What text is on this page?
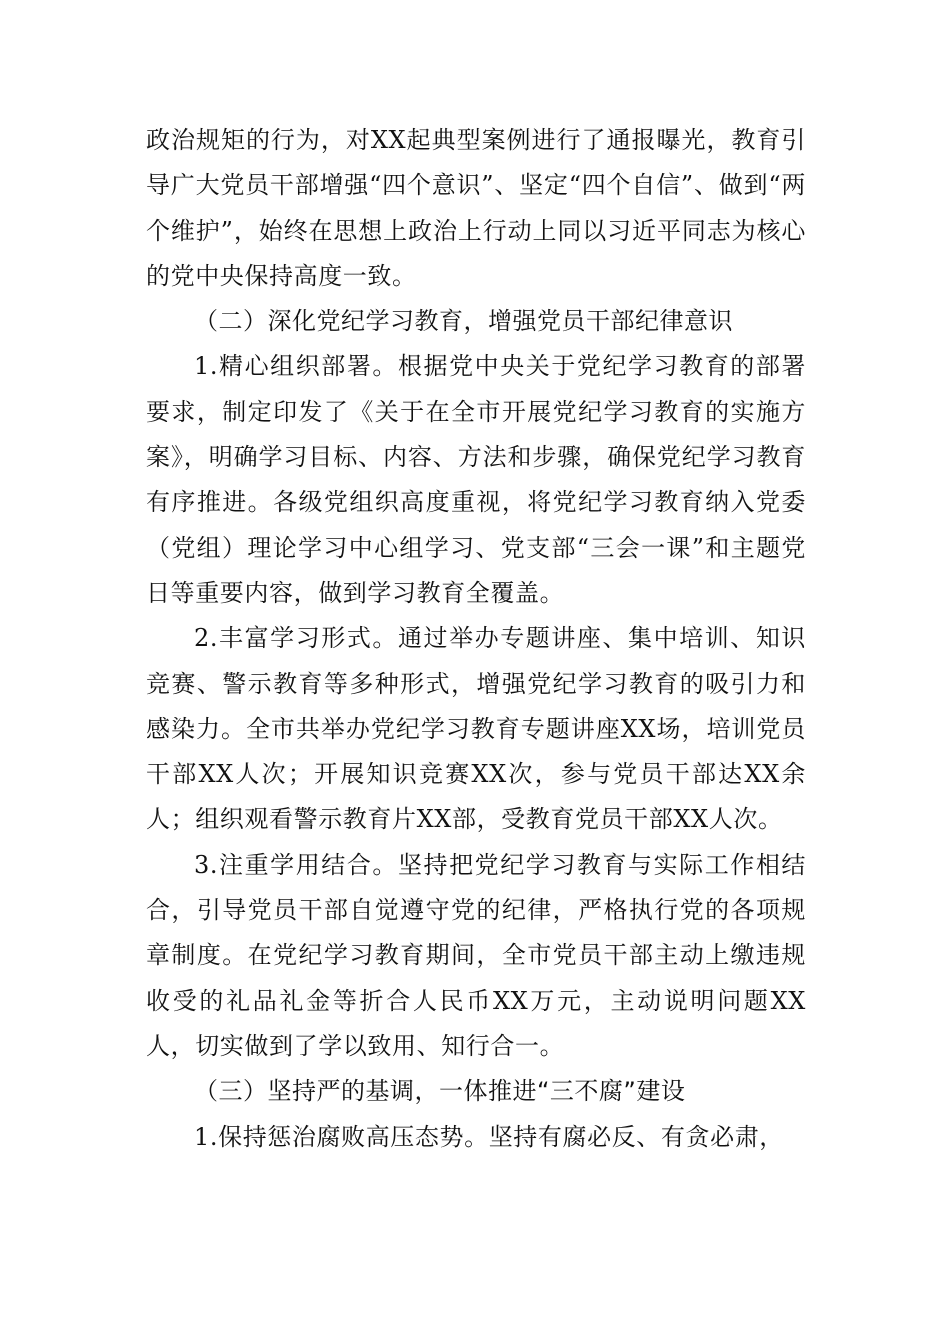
政治规矩的行为，对XX起典型案例进行了通报曝光，教育引导广大党员干部增强“四个意识”、坚定“四个自信”、做到“两个维护”，始终在思想上政治上行动上同以习近平同志为核心的党中央保持高度一致。

（二）深化党纪学习教育，增强党员干部纪律意识

1.精心组织部署。根据党中央关于党纪学习教育的部署要求，制定印发了《关于在全市开展党纪学习教育的实施方案》，明确学习目标、内容、方法和步骤，确保党纪学习教育有序推进。各级党组织高度重视，将党纪学习教育纳入党委（党组）理论学习中心组学习、党支部“三会一课”和主题党日等重要内容，做到学习教育全覆盖。

2.丰富学习形式。通过举办专题讲座、集中培训、知识竞赛、警示教育等多种形式，增强党纪学习教育的吸引力和感染力。全市共举办党纪学习教育专题讲座XX场，培训党员干部XX人次；开展知识竞赛XX次，参与党员干部达XX余人；组织观看警示教育片XX部，受教育党员干部XX人次。

3.注重学用结合。坚持把党纪学习教育与实际工作相结合，引导党员干部自觉遵守党的纪律，严格执行党的各项规章制度。在党纪学习教育期间，全市党员干部主动上缴违规收受的礼品礼金等折合人民币XX万元，主动说明问题XX人，切实做到了学以致用、知行合一。

（三）坚持严的基调，一体推进“三不腐”建设

1.保持惩治腐败高压态势。坚持有腐必反、有贪必肃，
